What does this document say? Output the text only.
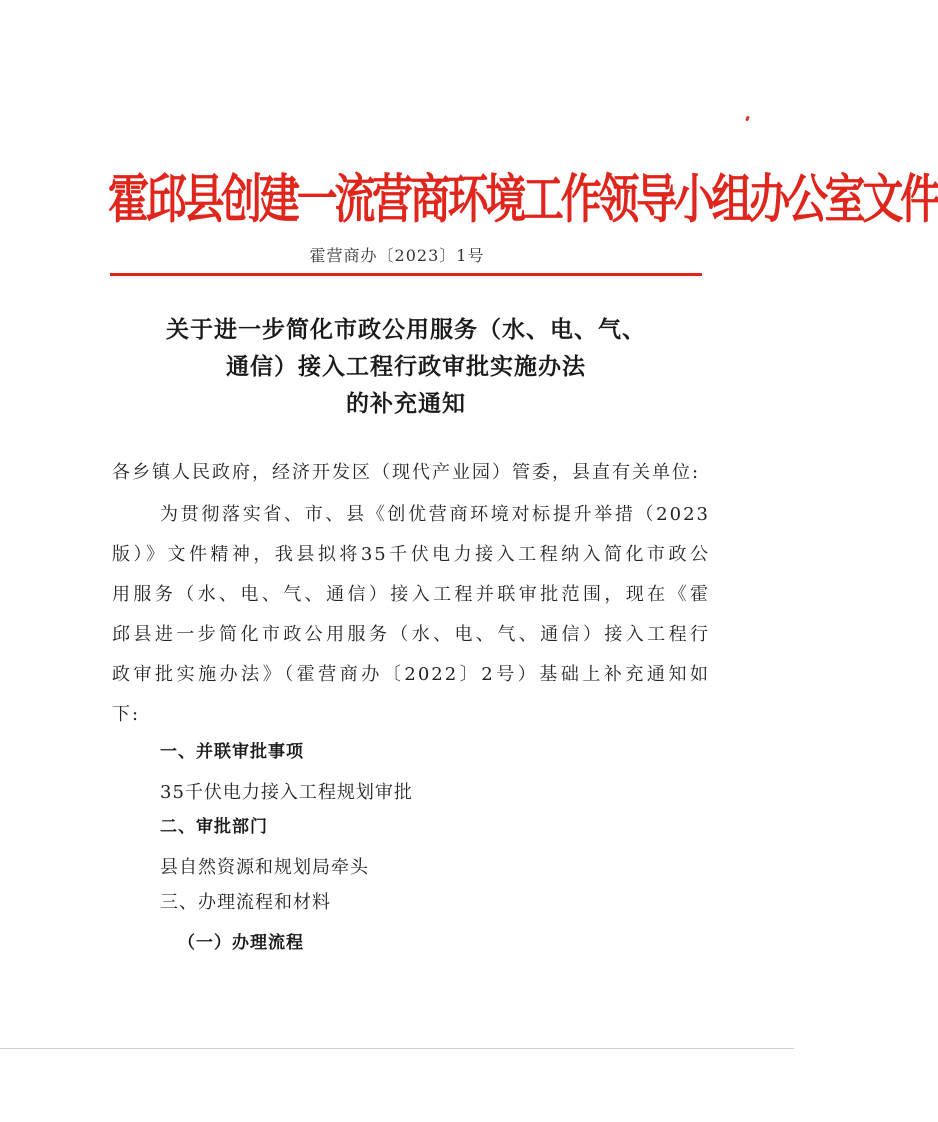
霍邱县创建一流营商环境工作领导小组办公室文件
霍营商办〔2023〕1号
关于进一步简化市政公用服务（水、电、气、
通信）接入工程行政审批实施办法
的补充通知
各乡镇人民政府，经济开发区（现代产业园）管委，县直有关单位:
为贯彻落实省、市、县《创优营商环境对标提升举措（2023
版）》文件精神，我县拟将35千伏电力接入工程纳入简化市政公
用服务（水、电、气、通信）接入工程并联审批范围，现在《霍
邱县进一步简化市政公用服务（水、电、气、通信）接入工程行
政审批实施办法》（霍营商办〔2022〕2号）基础上补充通知如
下:
一、并联审批事项
35千伏电力接入工程规划审批
二、审批部门
县自然资源和规划局牵头
三、办理流程和材料
（一）办理流程
